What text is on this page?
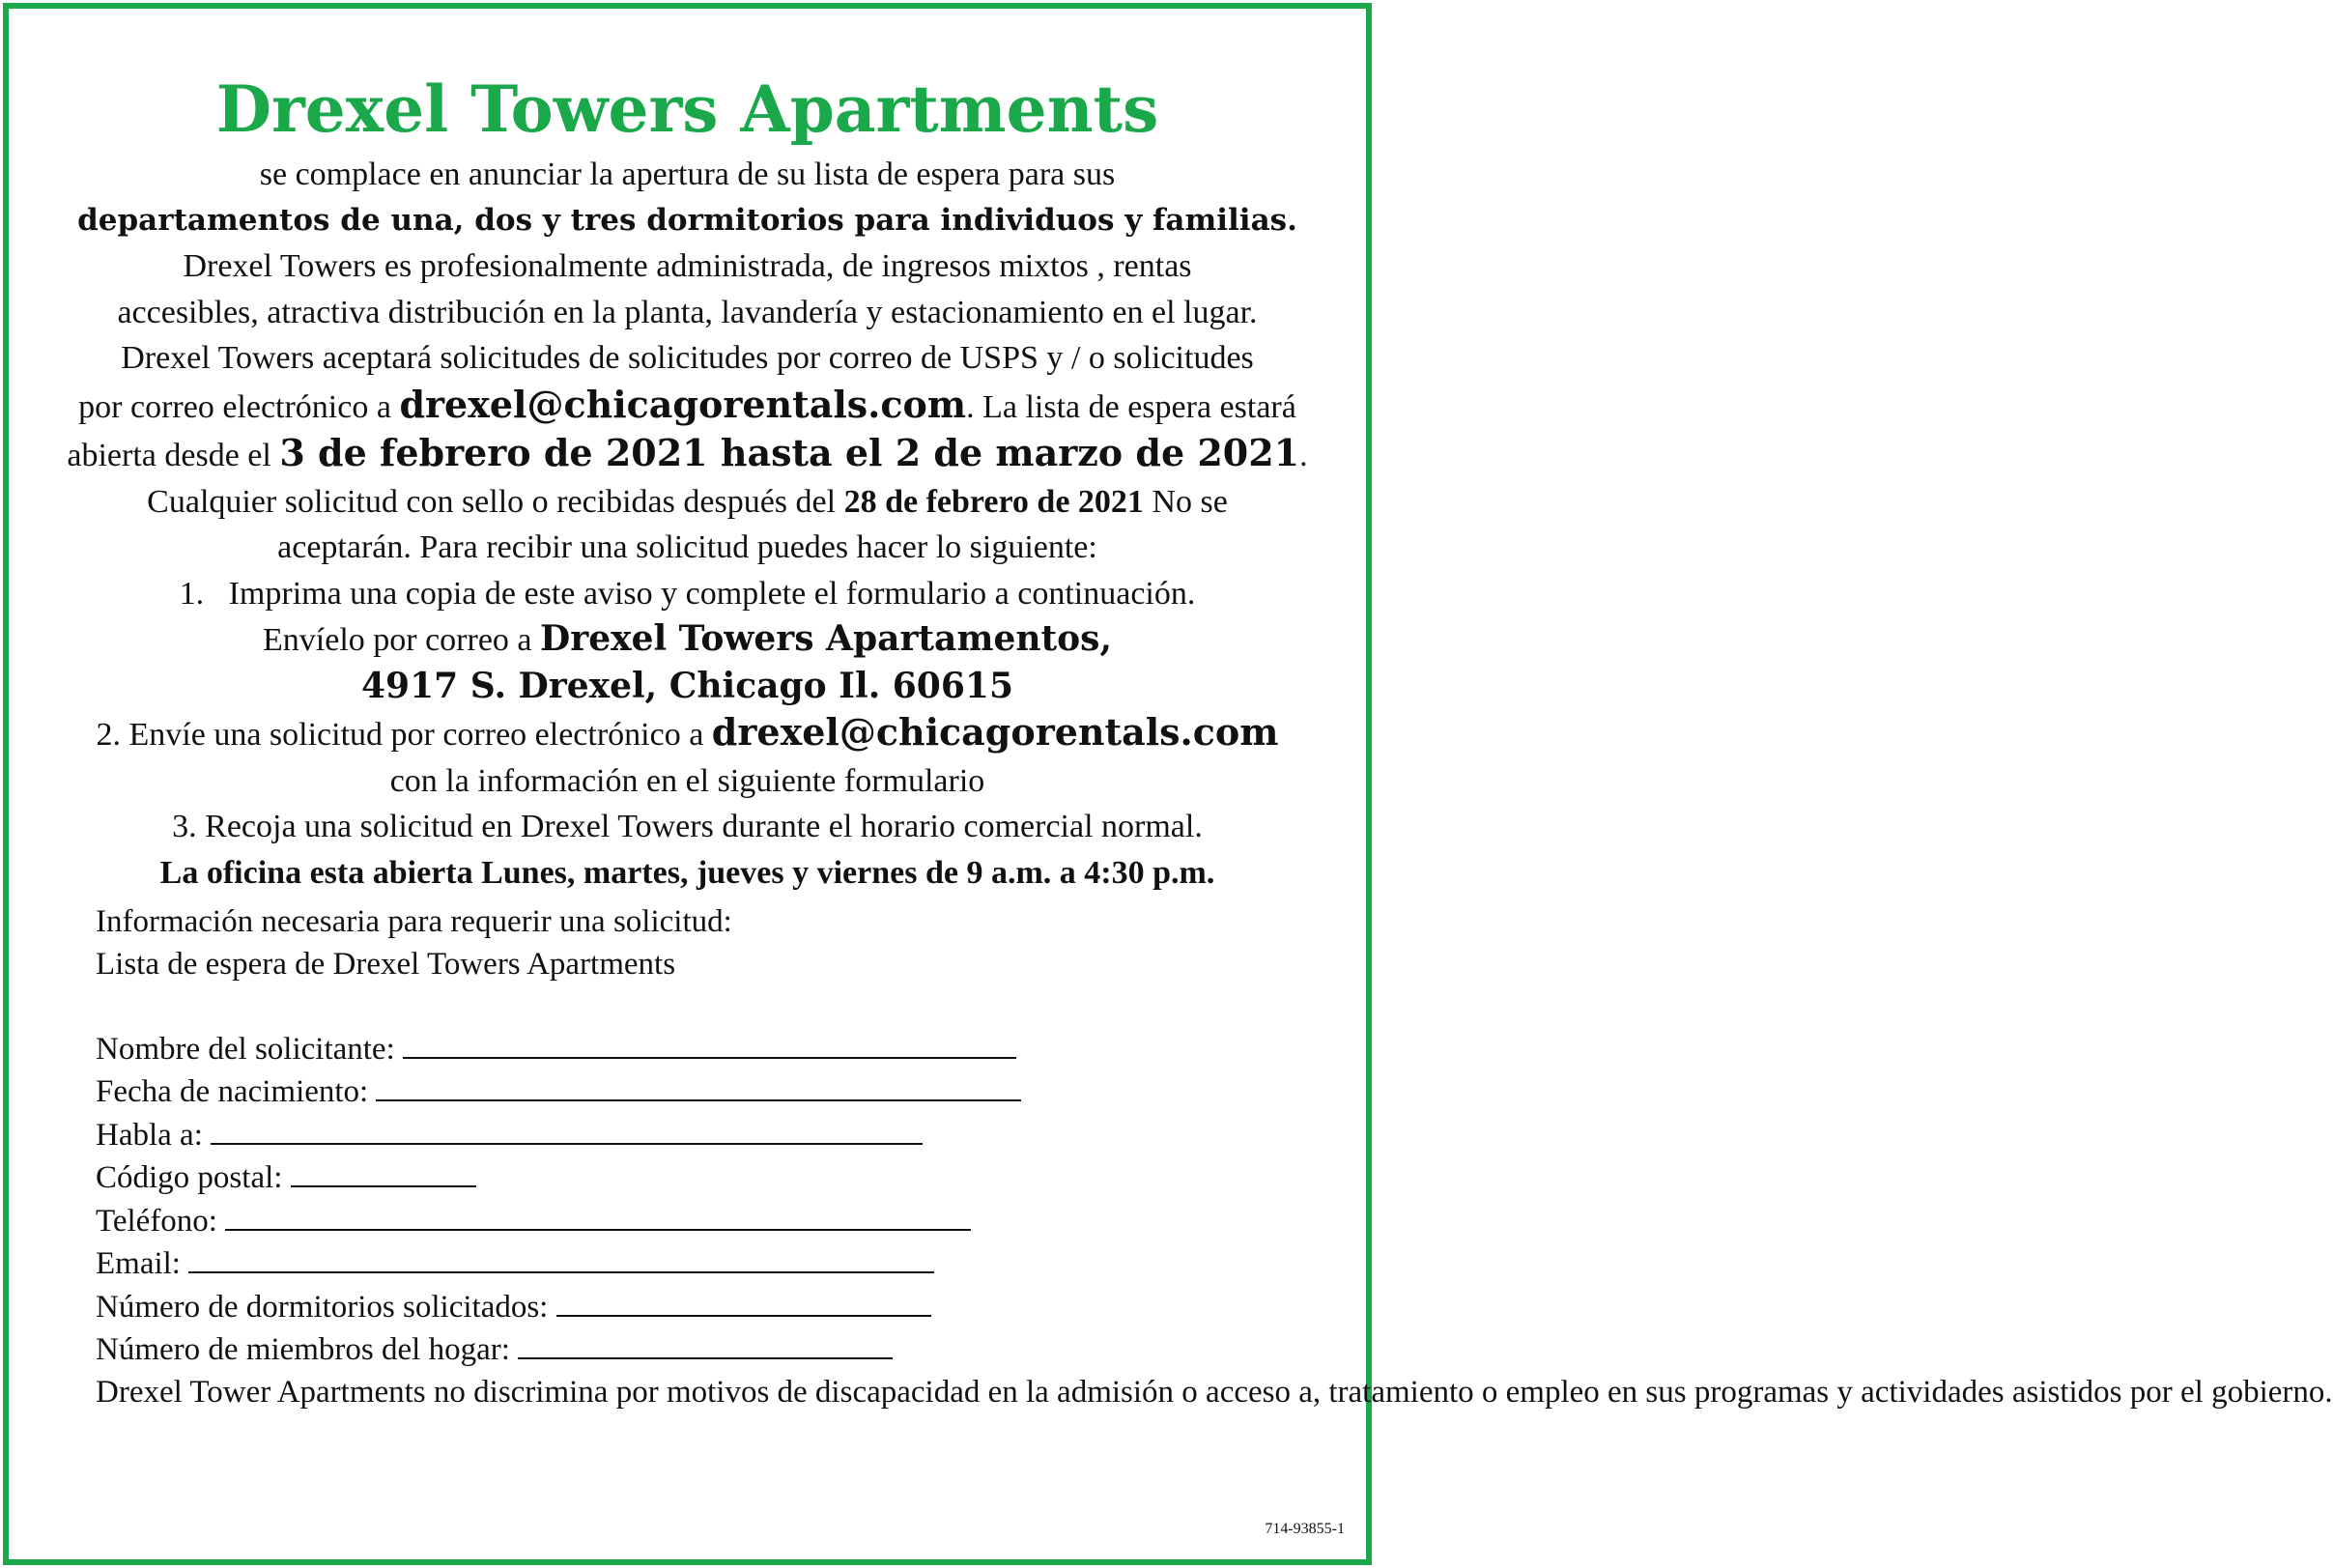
Drexel Towers Apartments
se complace en anunciar la apertura de su lista de espera para sus
departamentos de una, dos y tres dormitorios para individuos y familias.
Drexel Towers es profesionalmente administrada, de ingresos mixtos , rentas
accesibles, atractiva distribución en la planta, lavandería y estacionamiento en el lugar.
Drexel Towers aceptará solicitudes de solicitudes por correo de USPS y / o solicitudes
por correo electrónico a drexel@chicagorentals.com. La lista de espera estará
abierta desde el 3 de febrero de 2021 hasta el 2 de marzo de 2021.
Cualquier solicitud con sello o recibidas después del 28 de febrero de 2021 No se
aceptarán. Para recibir una solicitud puedes hacer lo siguiente:
1.   Imprima una copia de este aviso y complete el formulario a continuación.
Envíelo por correo a Drexel Towers Apartamentos,
4917 S. Drexel, Chicago Il. 60615
2. Envíe una solicitud por correo electrónico a drexel@chicagorentals.com
con la información en el siguiente formulario
3. Recoja una solicitud en Drexel Towers durante el horario comercial normal.
La oficina esta abierta Lunes, martes, jueves y viernes de 9 a.m. a 4:30 p.m.
Información necesaria para requerir una solicitud:
Lista de espera de Drexel Towers Apartments
Nombre del solicitante:
Fecha de nacimiento:
Habla a:
Código postal:
Teléfono:
Email:
Número de dormitorios solicitados:
Número de miembros del hogar:
Drexel Tower Apartments no discrimina por motivos de discapacidad en la admisión o acceso a, tratamiento o empleo en sus programas y actividades asistidos por el gobierno.
714-93855-1
